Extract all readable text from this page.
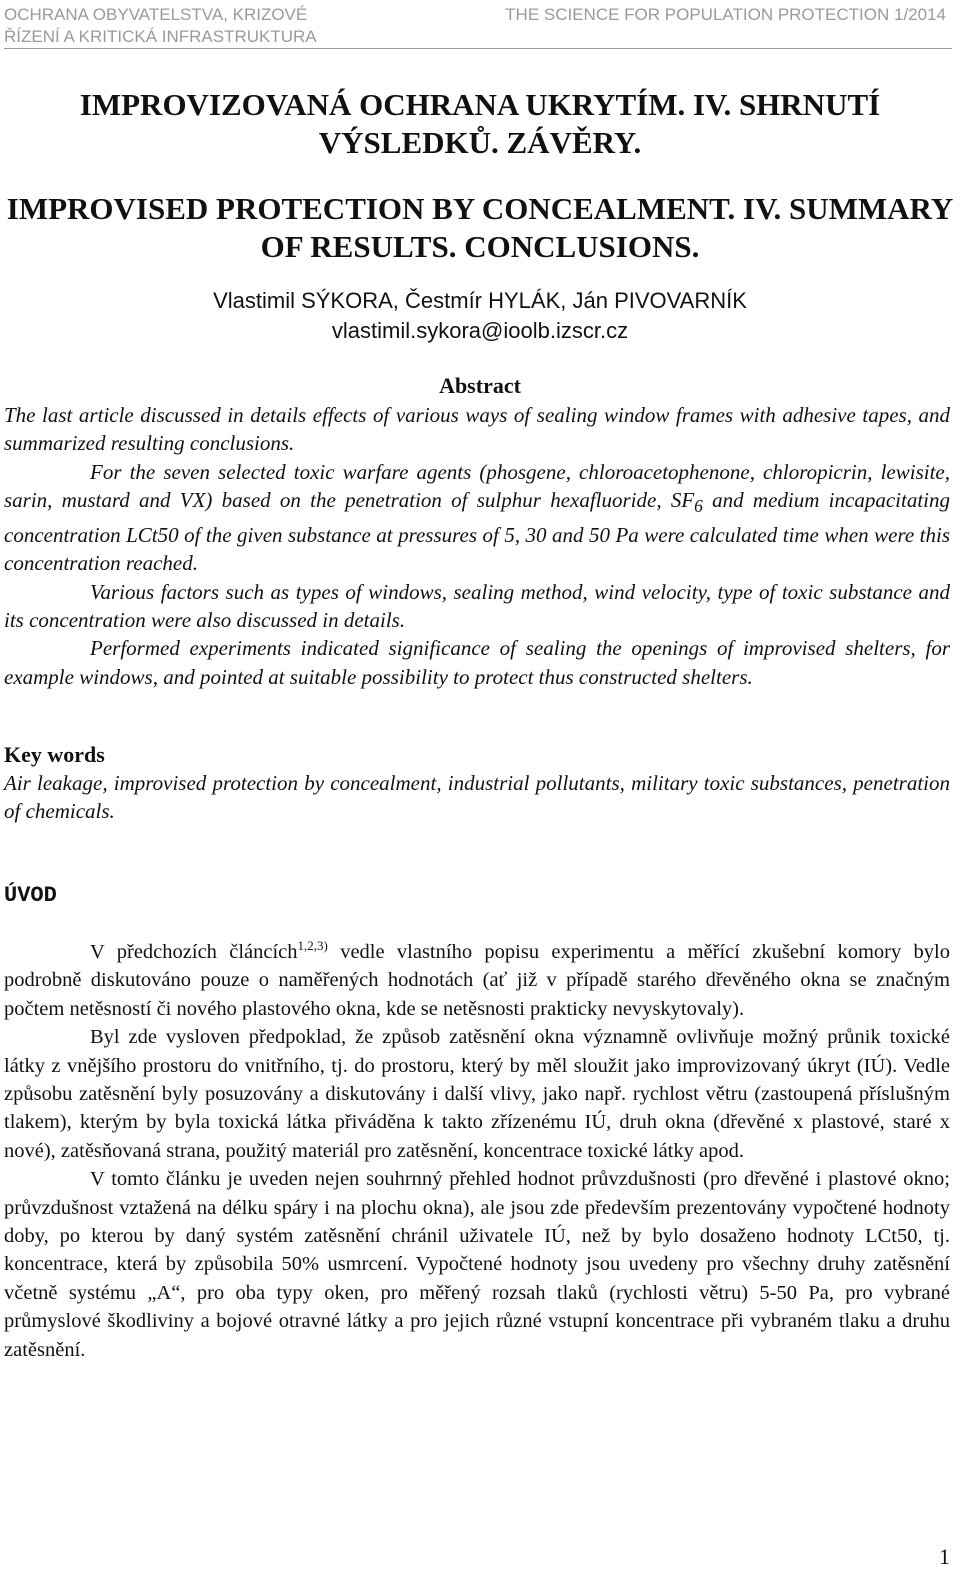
OCHRANA OBYVATELSTVA, KRIZOVÉ
ŘÍZENÍ A KRITICKÁ INFRASTRUKTURA
THE SCIENCE FOR POPULATION PROTECTION 1/2014
IMPROVIZOVANÁ OCHRANA UKRYTÍM. IV. SHRNUTÍ
VÝSLEDKŮ. ZÁVĚRY.
IMPROVISED PROTECTION BY CONCEALMENT. IV. SUMMARY
OF RESULTS. CONCLUSIONS.
Vlastimil SÝKORA, Čestmír HYLÁK, Ján PIVOVARNÍK
vlastimil.sykora@ioolb.izscr.cz
Abstract

The last article discussed in details effects of various ways of sealing window frames with adhesive tapes, and summarized resulting conclusions.

For the seven selected toxic warfare agents (phosgene, chloroacetophenone, chloropicrin, lewisite, sarin, mustard and VX) based on the penetration of sulphur hexafluoride, $SF_6$ and medium incapacitating concentration LCt50 of the given substance at pressures of 5, 30 and 50 Pa were calculated time when were this concentration reached.

Various factors such as types of windows, sealing method, wind velocity, type of toxic substance and its concentration were also discussed in details.

Performed experiments indicated significance of sealing the openings of improvised shelters, for example windows, and pointed at suitable possibility to protect thus constructed shelters.

Key words
Air leakage, improvised protection by concealment, industrial pollutants, military toxic substances, penetration of chemicals.
ÚVOD

V předchozích článcích$^{1,2,3)}$ vedle vlastního popisu experimentu a měřící zkušební komory bylo podrobně diskutováno pouze o naměřených hodnotách (ať již v případě starého dřevěného okna se značným počtem netěsností či nového plastového okna, kde se netěsnosti prakticky nevyskytovaly).

Byl zde vysloven předpoklad, že způsob zatěsnění okna významně ovlivňuje možný průnik toxické látky z vnějšího prostoru do vnitřního, tj. do prostoru, který by měl sloužit jako improvizovaný úkryt (IÚ). Vedle způsobu zatěsnění byly posuzovány a diskutovány i další vlivy, jako např. rychlost větru (zastoupená příslušným tlakem), kterým by byla toxická látka přiváděna k takto zřízenému IÚ, druh okna (dřevěné x plastové, staré x nové), zatěsňovaná strana, použitý materiál pro zatěsnění, koncentrace toxické látky apod.

V tomto článku je uveden nejen souhrnný přehled hodnot průvzdušnosti (pro dřevěné i plastové okno; průvzdušnost vztažená na délku spáry i na plochu okna), ale jsou zde především prezentovány vypočtené hodnoty doby, po kterou by daný systém zatěsnění chránil uživatele IÚ, než by bylo dosaženo hodnoty LCt50, tj. koncentrace, která by způsobila 50% usmrcení. Vypočtené hodnoty jsou uvedeny pro všechny druhy zatěsnění včetně systému „A“, pro oba typy oken, pro měřený rozsah tlaků (rychlosti větru) 5-50 Pa, pro vybrané průmyslové škodliviny a bojové otravné látky a pro jejich různé vstupní koncentrace při vybraném tlaku a druhu zatěsnění.

1
